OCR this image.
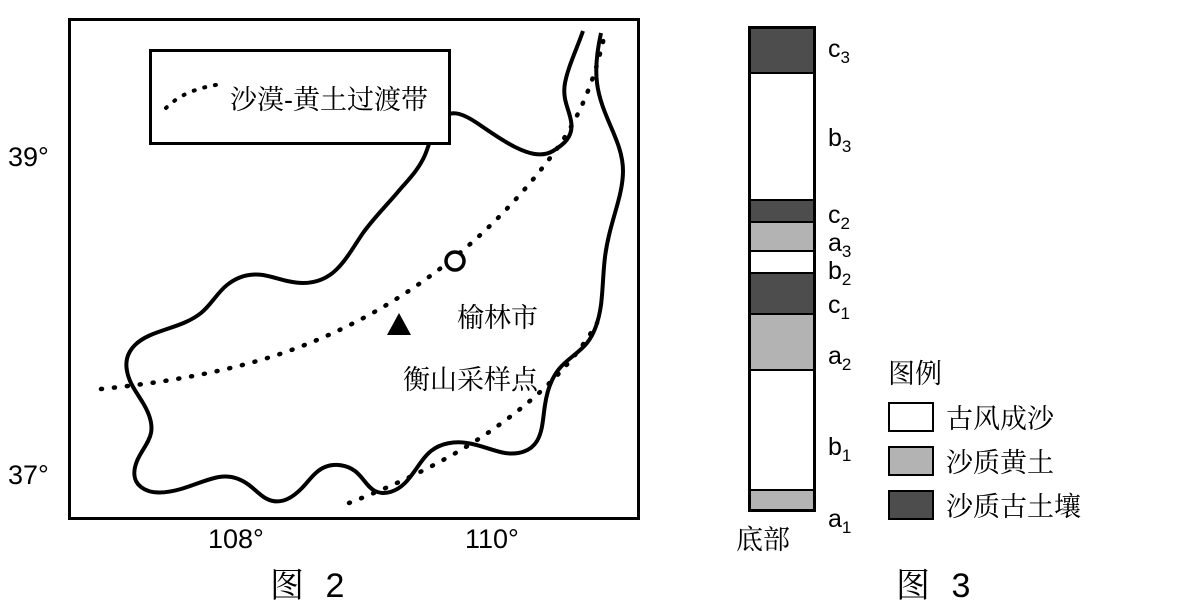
沙漠-黄土过渡带
榆林市
衡山采样点
39°
37°
108°	110°
图 2
底部
图例
古风成沙
沙质黄土
沙质古土壤
图 3
$c_3$
$b_3$
$c_2$
$a_3$
$b_2$
$c_1$
$a_2$
$b_1$
$a_1$
